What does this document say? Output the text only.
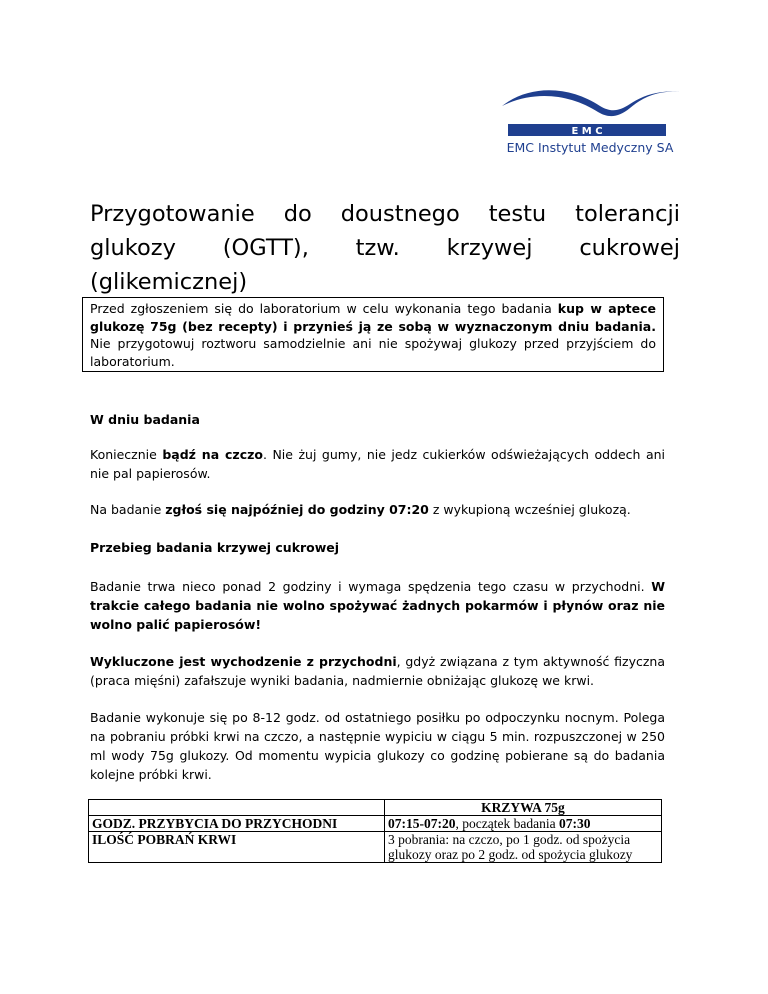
E M C
EMC Instytut Medyczny SA
Przygotowanie do doustnego testu tolerancji glukozy (OGTT), tzw. krzywej cukrowej (glikemicznej)

Przed zgłoszeniem się do laboratorium w celu wykonania tego badania kup w aptece glukozę 75g (bez recepty) i przynieś ją ze sobą w wyznaczonym dniu badania. Nie przygotowuj roztworu samodzielnie ani nie spożywaj glukozy przed przyjściem do laboratorium.

W dniu badania

Koniecznie bądź na czczo. Nie żuj gumy, nie jedz cukierków odświeżających oddech ani nie pal papierosów.

Na badanie zgłoś się najpóźniej do godziny 07:20 z wykupioną wcześniej glukozą.

Przebieg badania krzywej cukrowej

Badanie trwa nieco ponad 2 godziny i wymaga spędzenia tego czasu w przychodni. W trakcie całego badania nie wolno spożywać żadnych pokarmów i płynów oraz nie wolno palić papierosów!

Wykluczone jest wychodzenie z przychodni, gdyż związana z tym aktywność fizyczna (praca mięśni) zafałszuje wyniki badania, nadmiernie obniżając glukozę we krwi.

Badanie wykonuje się po 8-12 godz. od ostatniego posiłku po odpoczynku nocnym. Polega na pobraniu próbki krwi na czczo, a następnie wypiciu w ciągu 5 min. rozpuszczonej w 250 ml wody 75g glukozy. Od momentu wypicia glukozy co godzinę pobierane są do badania kolejne próbki krwi.

	KRZYWA 75g
GODZ. PRZYBYCIA DO PRZYCHODNI	07:15-07:20, początek badania 07:30
ILOŚĆ POBRAŃ KRWI	3 pobrania: na czczo, po 1 godz. od spożycia glukozy oraz po 2 godz. od spożycia glukozy
